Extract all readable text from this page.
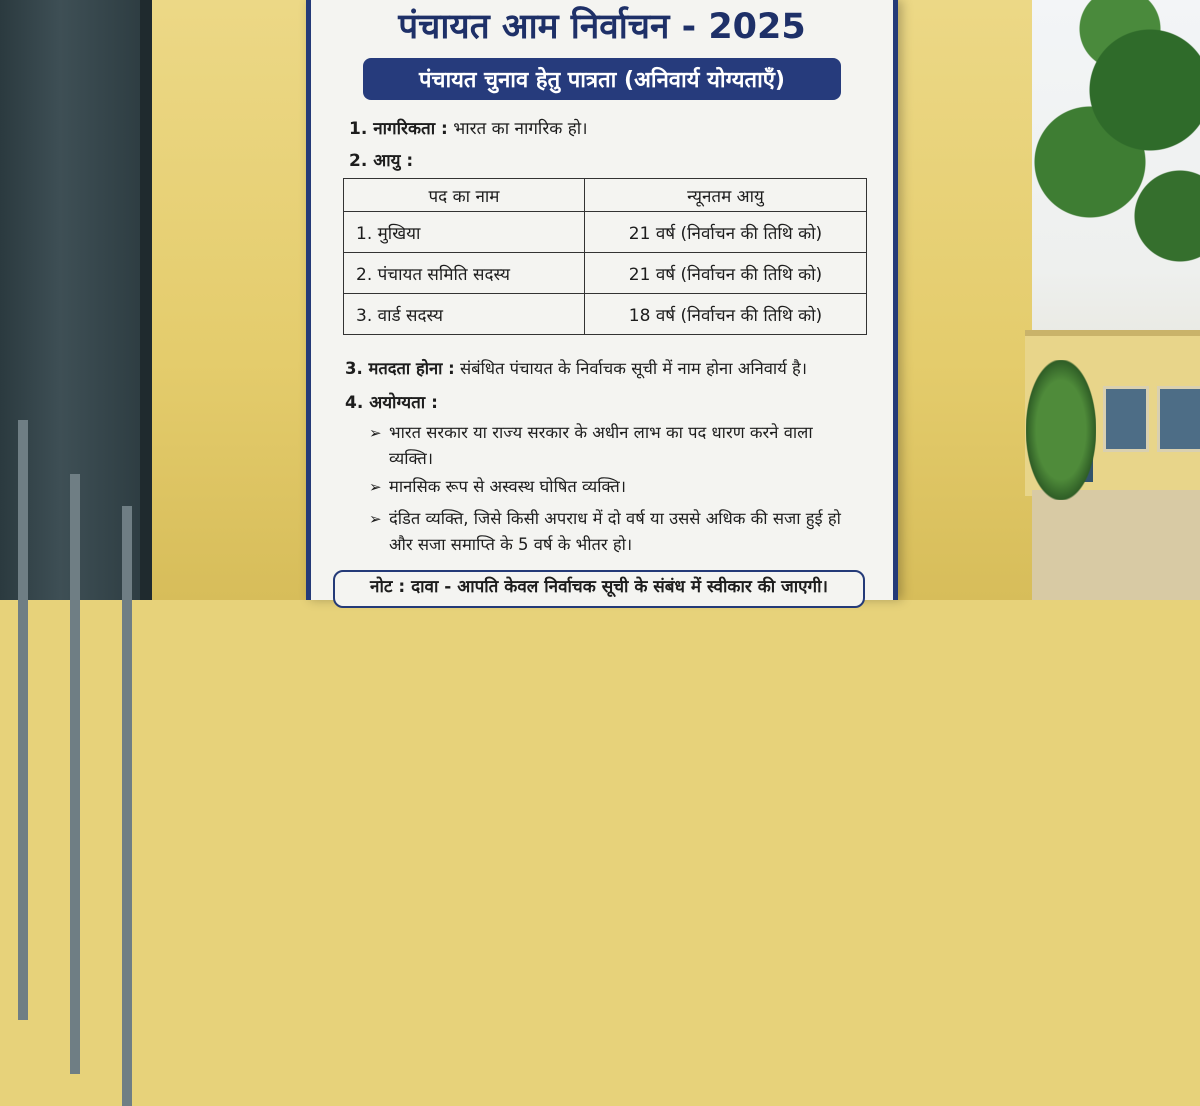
पंचायत आम निर्वाचन - 2025
पंचायत चुनाव हेतु पात्रता (अनिवार्य योग्यताएँ)
1. नागरिकता : भारत का नागरिक हो।
2. आयु :
पद का नाम	न्यूनतम आयु
1. मुखिया	21 वर्ष (निर्वाचन की तिथि को)
2. पंचायत समिति सदस्य	21 वर्ष (निर्वाचन की तिथि को)
3. वार्ड सदस्य	18 वर्ष (निर्वाचन की तिथि को)
3. मतदता होना : संबंधित पंचायत के निर्वाचक सूची में नाम होना अनिवार्य है।
4. अयोग्यता :
➢ भारत सरकार या राज्य सरकार के अधीन लाभ का पद धारण करने वाला व्यक्ति।
➢ मानसिक रूप से अस्वस्थ घोषित व्यक्ति।
➢ दंडित व्यक्ति, जिसे किसी अपराध में दो वर्ष या उससे अधिक की सजा हुई हो और सजा समाप्ति के 5 वर्ष के भीतर हो।
नोट : दावा - आपति केवल निर्वाचक सूची के संबंध में स्वीकार की जाएगी।
